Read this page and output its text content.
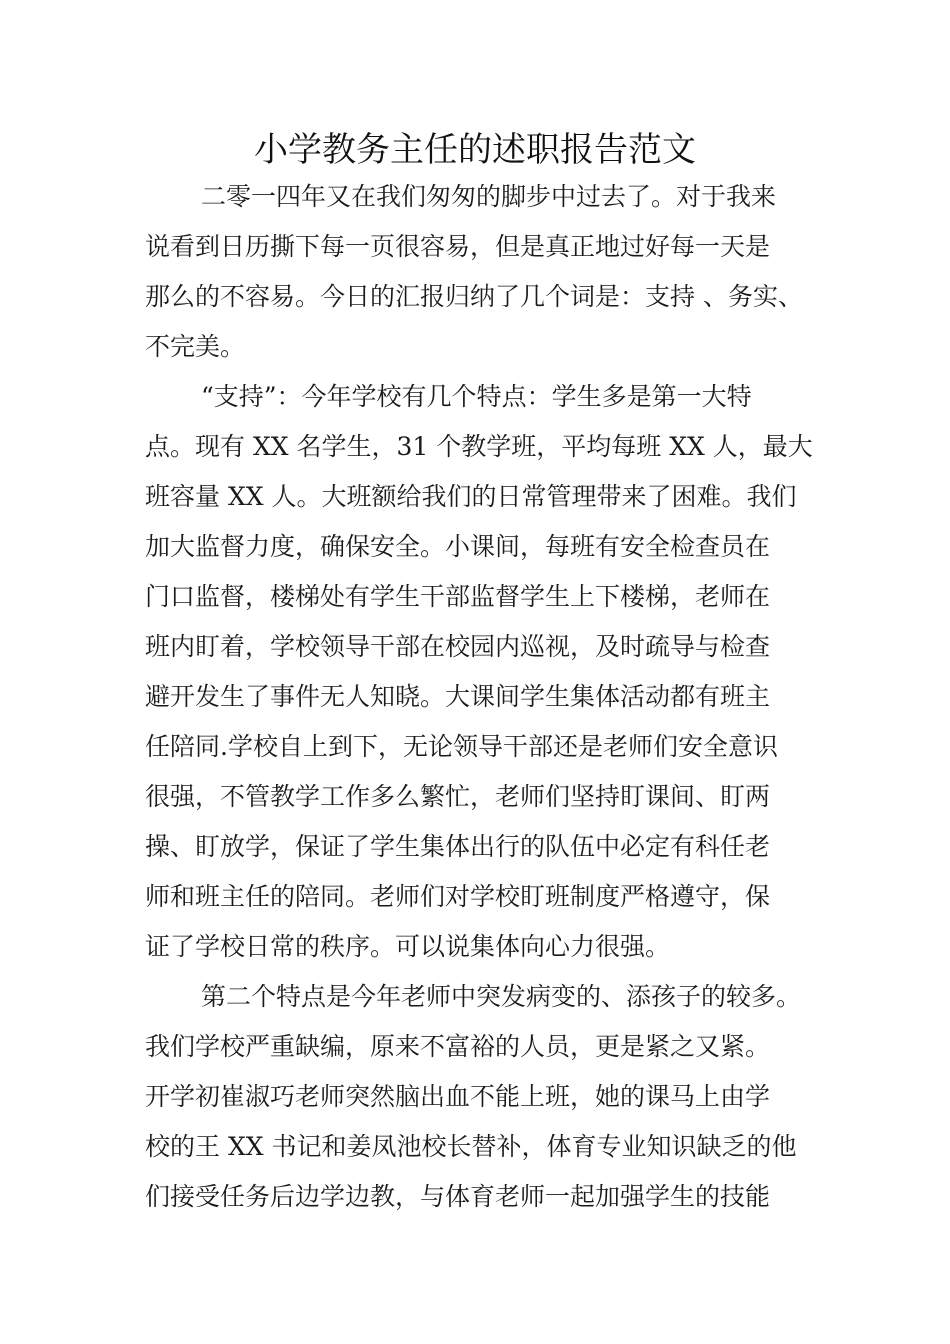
小学教务主任的述职报告范文
二零一四年又在我们匆匆的脚步中过去了。对于我来
说看到日历撕下每一页很容易，但是真正地过好每一天是
那么的不容易。今日的汇报归纳了几个词是：支持 、务实、
不完美。
“支持”：今年学校有几个特点：学生多是第一大特
点。现有 XX 名学生，31 个教学班，平均每班 XX 人，最大
班容量 XX 人。大班额给我们的日常管理带来了困难。我们
加大监督力度，确保安全。小课间，每班有安全检查员在
门口监督，楼梯处有学生干部监督学生上下楼梯，老师在
班内盯着，学校领导干部在校园内巡视，及时疏导与检查
避开发生了事件无人知晓。大课间学生集体活动都有班主
任陪同.学校自上到下，无论领导干部还是老师们安全意识
很强，不管教学工作多么繁忙，老师们坚持盯课间、盯两
操、盯放学，保证了学生集体出行的队伍中必定有科任老
师和班主任的陪同。老师们对学校盯班制度严格遵守，保
证了学校日常的秩序。可以说集体向心力很强。
第二个特点是今年老师中突发病变的、添孩子的较多。
我们学校严重缺编，原来不富裕的人员，更是紧之又紧。
开学初崔淑巧老师突然脑出血不能上班，她的课马上由学
校的王 XX 书记和姜凤池校长替补，体育专业知识缺乏的他
们接受任务后边学边教，与体育老师一起加强学生的技能
